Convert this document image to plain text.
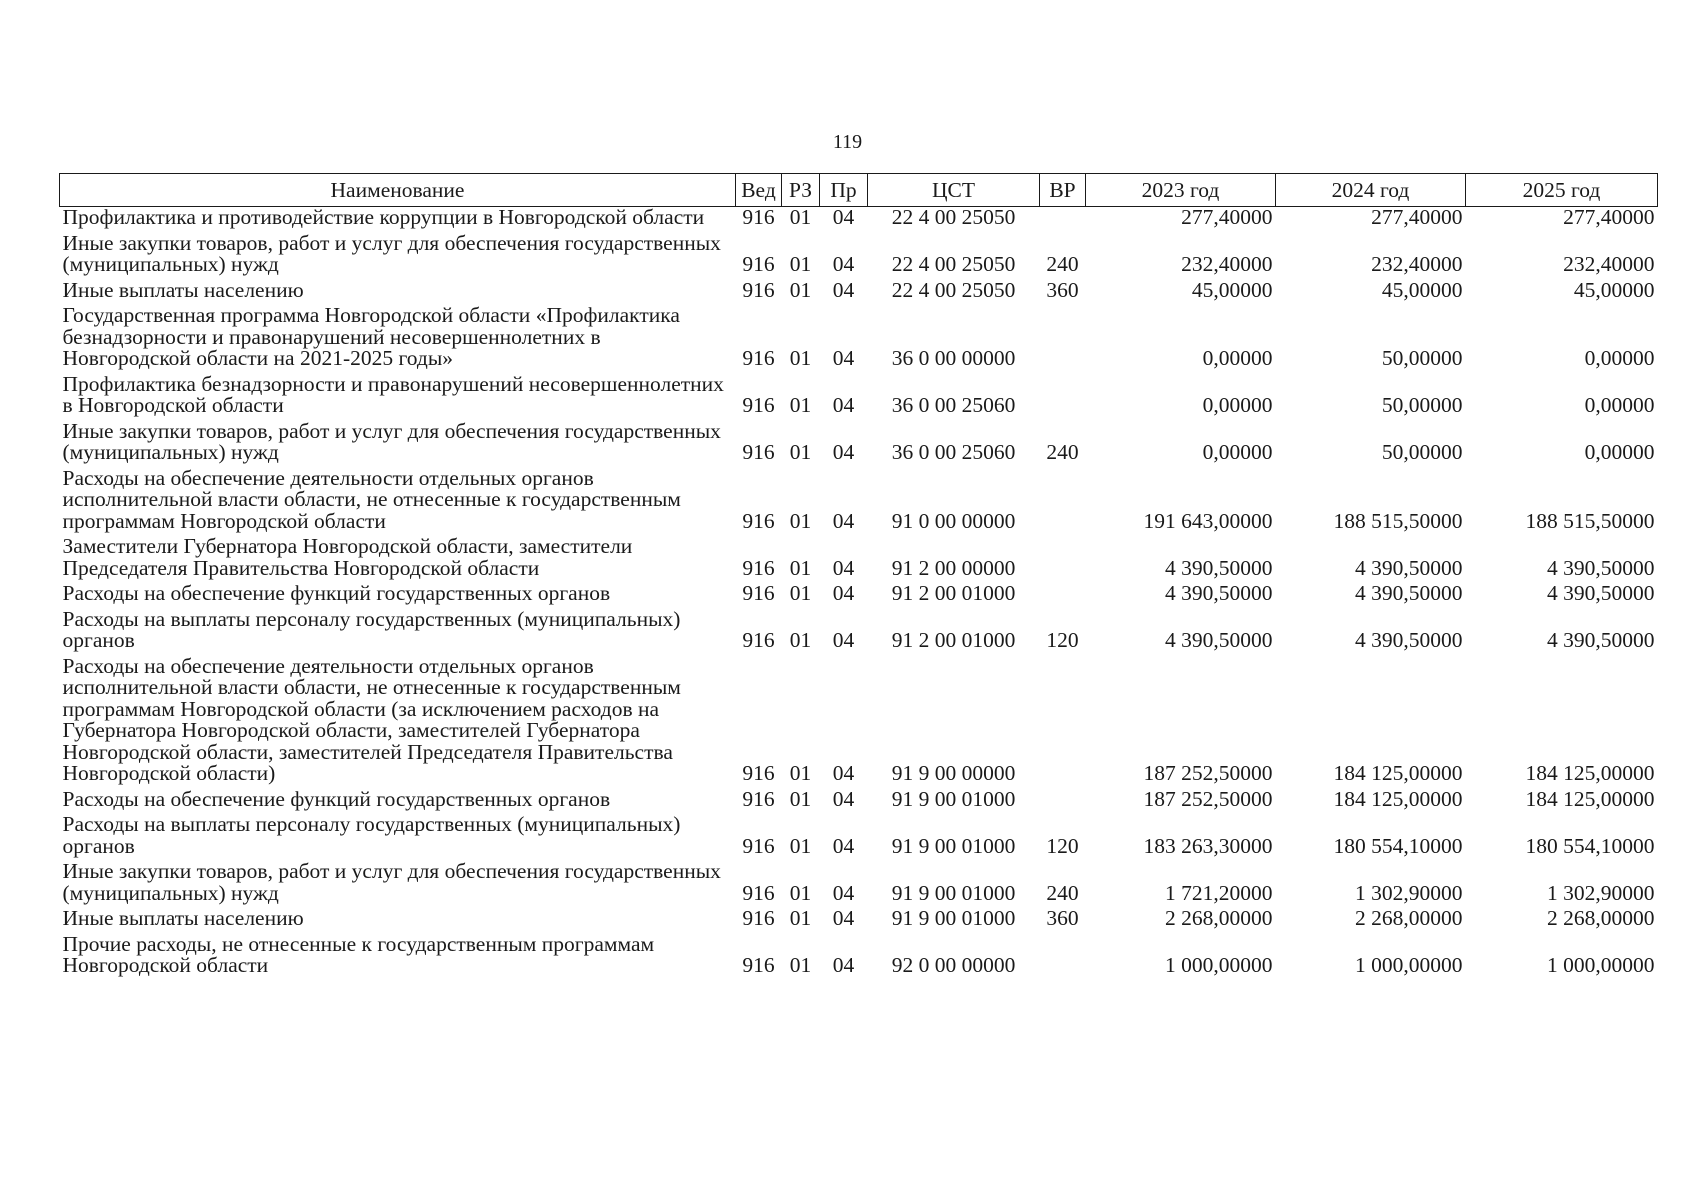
119
Наименование	Вед	РЗ	Пр	ЦСТ	ВР	2023 год	2024 год	2025 год
Профилактика и противодействие коррупции в Новгородской области	916	01	04	22 4 00 25050		277,40000	277,40000	277,40000
Иные закупки товаров, работ и услуг для обеспечения государственных (муниципальных) нужд	916	01	04	22 4 00 25050	240	232,40000	232,40000	232,40000
Иные выплаты населению	916	01	04	22 4 00 25050	360	45,00000	45,00000	45,00000
Государственная программа Новгородской области «Профилактика безнадзорности и правонарушений несовершеннолетних в Новгородской области на 2021-2025 годы»	916	01	04	36 0 00 00000		0,00000	50,00000	0,00000
Профилактика безнадзорности и правонарушений несовершеннолетних в Новгородской области	916	01	04	36 0 00 25060		0,00000	50,00000	0,00000
Иные закупки товаров, работ и услуг для обеспечения государственных (муниципальных) нужд	916	01	04	36 0 00 25060	240	0,00000	50,00000	0,00000
Расходы на обеспечение деятельности отдельных органов исполнительной власти области, не отнесенные к государственным программам Новгородской области	916	01	04	91 0 00 00000		191 643,00000	188 515,50000	188 515,50000
Заместители Губернатора Новгородской области, заместители Председателя Правительства Новгородской области	916	01	04	91 2 00 00000		4 390,50000	4 390,50000	4 390,50000
Расходы на обеспечение функций государственных органов	916	01	04	91 2 00 01000		4 390,50000	4 390,50000	4 390,50000
Расходы на выплаты персоналу государственных (муниципальных) органов	916	01	04	91 2 00 01000	120	4 390,50000	4 390,50000	4 390,50000
Расходы на обеспечение деятельности отдельных органов исполнительной власти области, не отнесенные к государственным программам Новгородской области (за исключением расходов на Губернатора Новгородской области, заместителей Губернатора Новгородской области, заместителей Председателя Правительства Новгородской области)	916	01	04	91 9 00 00000		187 252,50000	184 125,00000	184 125,00000
Расходы на обеспечение функций государственных органов	916	01	04	91 9 00 01000		187 252,50000	184 125,00000	184 125,00000
Расходы на выплаты персоналу государственных (муниципальных) органов	916	01	04	91 9 00 01000	120	183 263,30000	180 554,10000	180 554,10000
Иные закупки товаров, работ и услуг для обеспечения государственных (муниципальных) нужд	916	01	04	91 9 00 01000	240	1 721,20000	1 302,90000	1 302,90000
Иные выплаты населению	916	01	04	91 9 00 01000	360	2 268,00000	2 268,00000	2 268,00000
Прочие расходы, не отнесенные к государственным программам Новгородской области	916	01	04	92 0 00 00000		1 000,00000	1 000,00000	1 000,00000
